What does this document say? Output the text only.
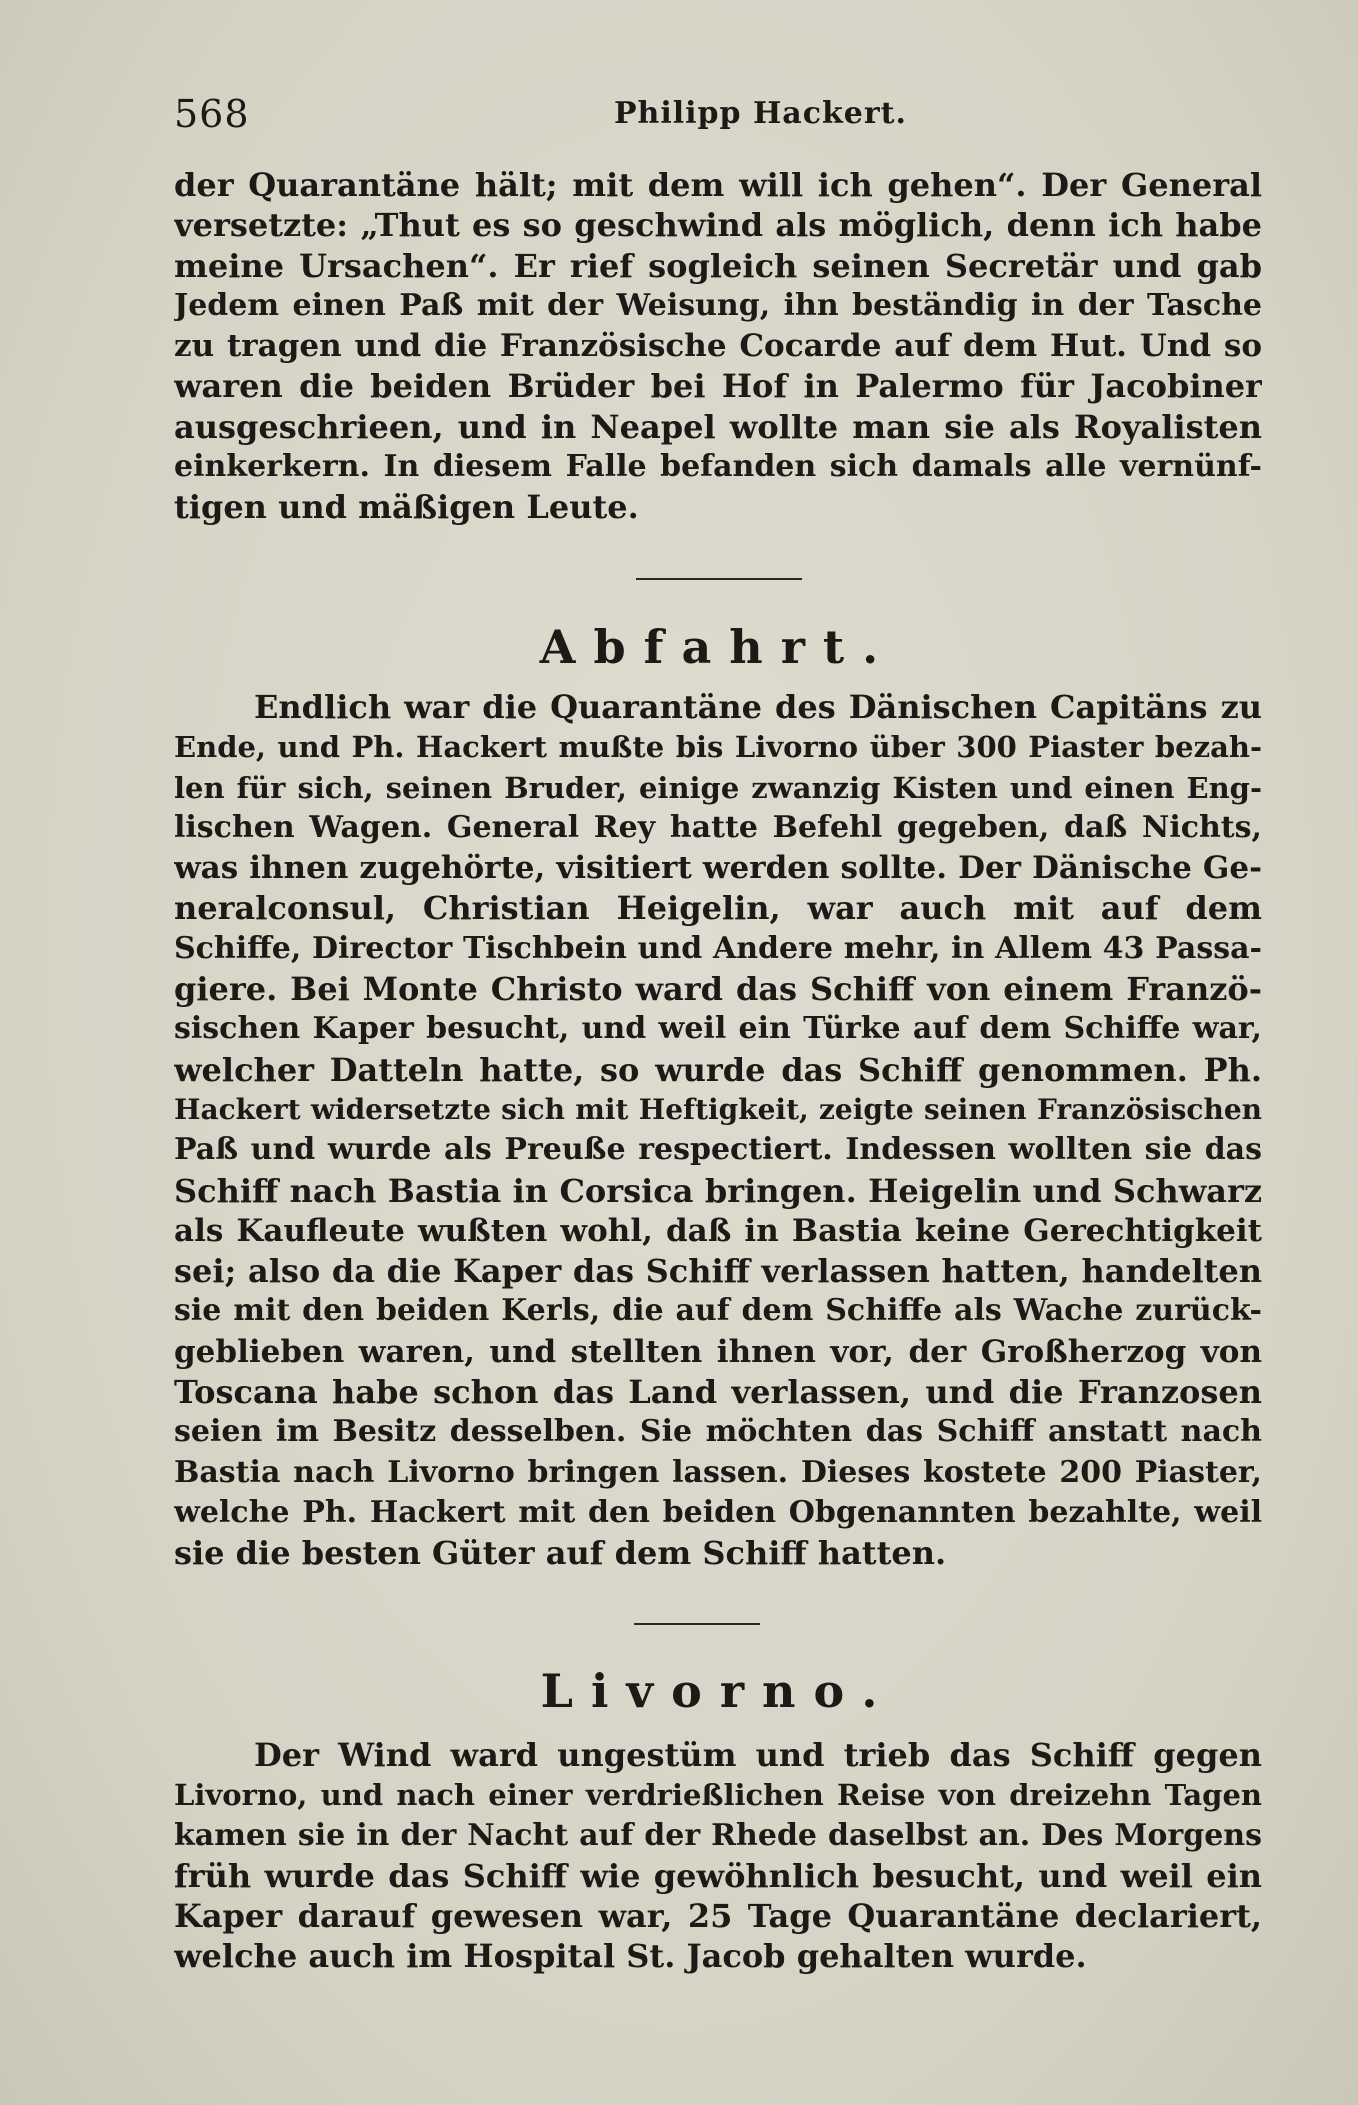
568	Philipp Hackert.
der Quarantäne hält; mit dem will ich gehen“. Der General
versetzte: „Thut es so geschwind als möglich, denn ich habe
meine Ursachen“. Er rief sogleich seinen Secretär und gab
Jedem einen Paß mit der Weisung, ihn beständig in der Tasche
zu tragen und die Französische Cocarde auf dem Hut. Und so
waren die beiden Brüder bei Hof in Palermo für Jacobiner
ausgeschrieen, und in Neapel wollte man sie als Royalisten
einkerkern. In diesem Falle befanden sich damals alle vernünf-
tigen und mäßigen Leute.
Abfahrt.
Endlich war die Quarantäne des Dänischen Capitäns zu
Ende, und Ph. Hackert mußte bis Livorno über 300 Piaster bezah-
len für sich, seinen Bruder, einige zwanzig Kisten und einen Eng-
lischen Wagen. General Rey hatte Befehl gegeben, daß Nichts,
was ihnen zugehörte, visitiert werden sollte. Der Dänische Ge-
neralconsul, Christian Heigelin, war auch mit auf dem
Schiffe, Director Tischbein und Andere mehr, in Allem 43 Passa-
giere. Bei Monte Christo ward das Schiff von einem Franzö-
sischen Kaper besucht, und weil ein Türke auf dem Schiffe war,
welcher Datteln hatte, so wurde das Schiff genommen. Ph.
Hackert widersetzte sich mit Heftigkeit, zeigte seinen Französischen
Paß und wurde als Preuße respectiert. Indessen wollten sie das
Schiff nach Bastia in Corsica bringen. Heigelin und Schwarz
als Kaufleute wußten wohl, daß in Bastia keine Gerechtigkeit
sei; also da die Kaper das Schiff verlassen hatten, handelten
sie mit den beiden Kerls, die auf dem Schiffe als Wache zurück-
geblieben waren, und stellten ihnen vor, der Großherzog von
Toscana habe schon das Land verlassen, und die Franzosen
seien im Besitz desselben. Sie möchten das Schiff anstatt nach
Bastia nach Livorno bringen lassen. Dieses kostete 200 Piaster,
welche Ph. Hackert mit den beiden Obgenannten bezahlte, weil
sie die besten Güter auf dem Schiff hatten.
Livorno.
Der Wind ward ungestüm und trieb das Schiff gegen
Livorno, und nach einer verdrießlichen Reise von dreizehn Tagen
kamen sie in der Nacht auf der Rhede daselbst an. Des Morgens
früh wurde das Schiff wie gewöhnlich besucht, und weil ein
Kaper darauf gewesen war, 25 Tage Quarantäne declariert,
welche auch im Hospital St. Jacob gehalten wurde.
